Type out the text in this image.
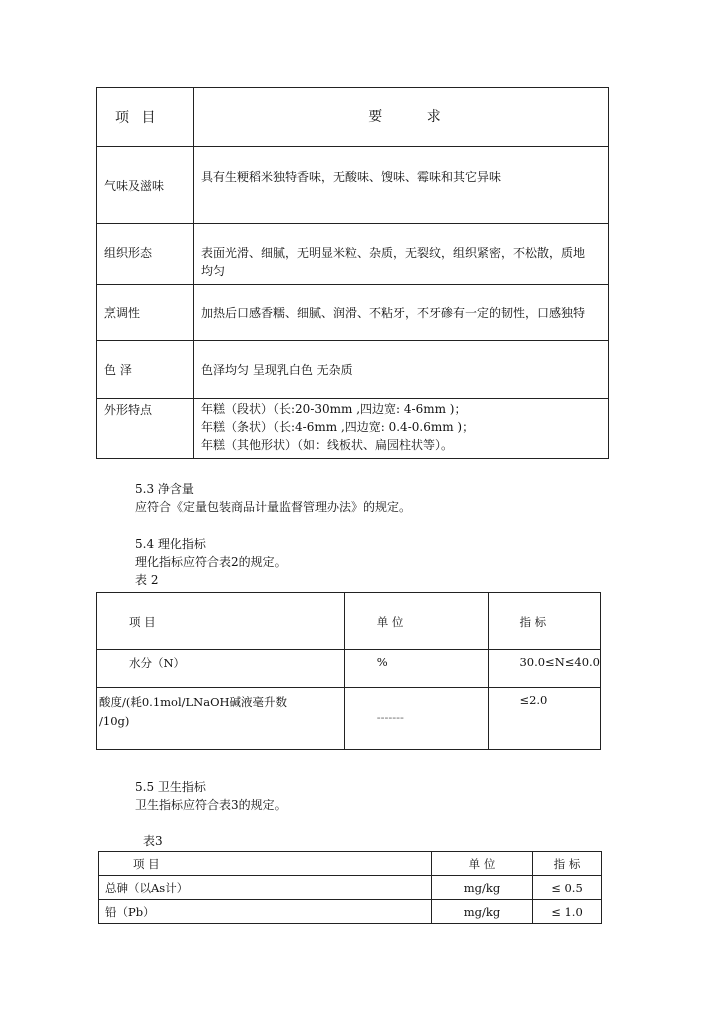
项 目	要 求
气味及滋味	具有生粳稻米独特香味，无酸味、馊味、霉味和其它异味

组织形态	表面光滑、细腻，无明显米粒、杂质，无裂纹，组织紧密，不松散，质地
均匀

烹调性	加热后口感香糯、细腻、润滑、不粘牙，不牙碜有一定的韧性，口感独特

色 泽	色泽均匀 呈现乳白色 无杂质

外形特点	年糕（段状）（长:20-30mm ,四边宽: 4-6mm )；
年糕（条状）（长:4-6mm ,四边宽: 0.4-0.6mm )；
年糕（其他形状）（如：线板状、扁园柱状等）。
5.3 净含量
应符合《定量包装商品计量监督管理办法》的规定。
5.4 理化指标
理化指标应符合表2的规定。
表 2
项 目	单 位	指 标
水分（N）	%	30.0≤N≤40.0

酸度/(耗0.1mol/LNaOH碱液毫升数
/10g)	-------	≤2.0
5.5 卫生指标
卫生指标应符合表3的规定。
表3
项 目	单 位	指 标
总砷（以As计）	mg/kg	≤ 0.5
铅（Pb）	mg/kg	≤ 1.0
